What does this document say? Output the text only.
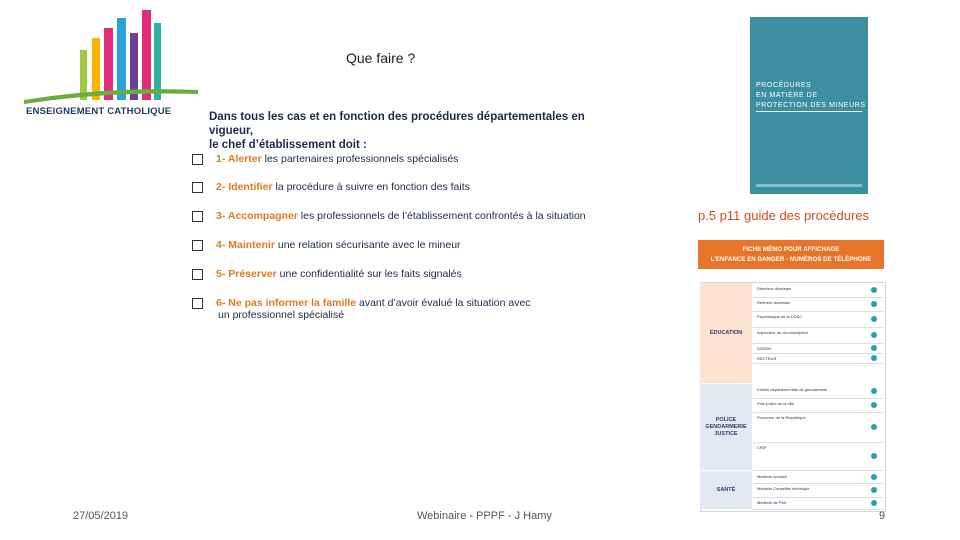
ENSEIGNEMENT CATHOLIQUE
Que faire ?
Dans tous les cas et en fonction des procédures départementales en vigueur,
le chef d’établissement doit :
1- Alerter les partenaires professionnels spécialisés
2- Identifier la procédure à suivre en fonction des faits
3- Accompagner les professionnels de l’établissement confrontés à la situation
4- Maintenir une relation sécurisante avec le mineur
5- Préserver une confidentialité sur les faits signalés
6- Ne pas informer la famille avant d’avoir évalué la situation avec
un professionnel spécialisé
PROCÉDURES
EN MATIÈRE DE
PROTECTION DES MINEURS
p.5 p11 guide des procédures
FICHE MÉMO POUR AFFICHAGE
L’ENFANCE EN DANGER - NUMÉROS DE TÉLÉPHONE
ÉDUCATION
POLICE
GENDARMERIE
JUSTICE
SANTÉ
Directeur diocésain
Référent diocésain
Psychologue de la DDEC
Inspecteur de circonscription
DSDEN
RECTEUR
Cellule départementale de gendarmerie
Pôle police de la ville
Procureur de la République
CRIP
Médecin scolaire
Médecin Conseiller technique
Médecin de PMI
27/05/2019	Webinaire - PPPF - J Hamy	9
